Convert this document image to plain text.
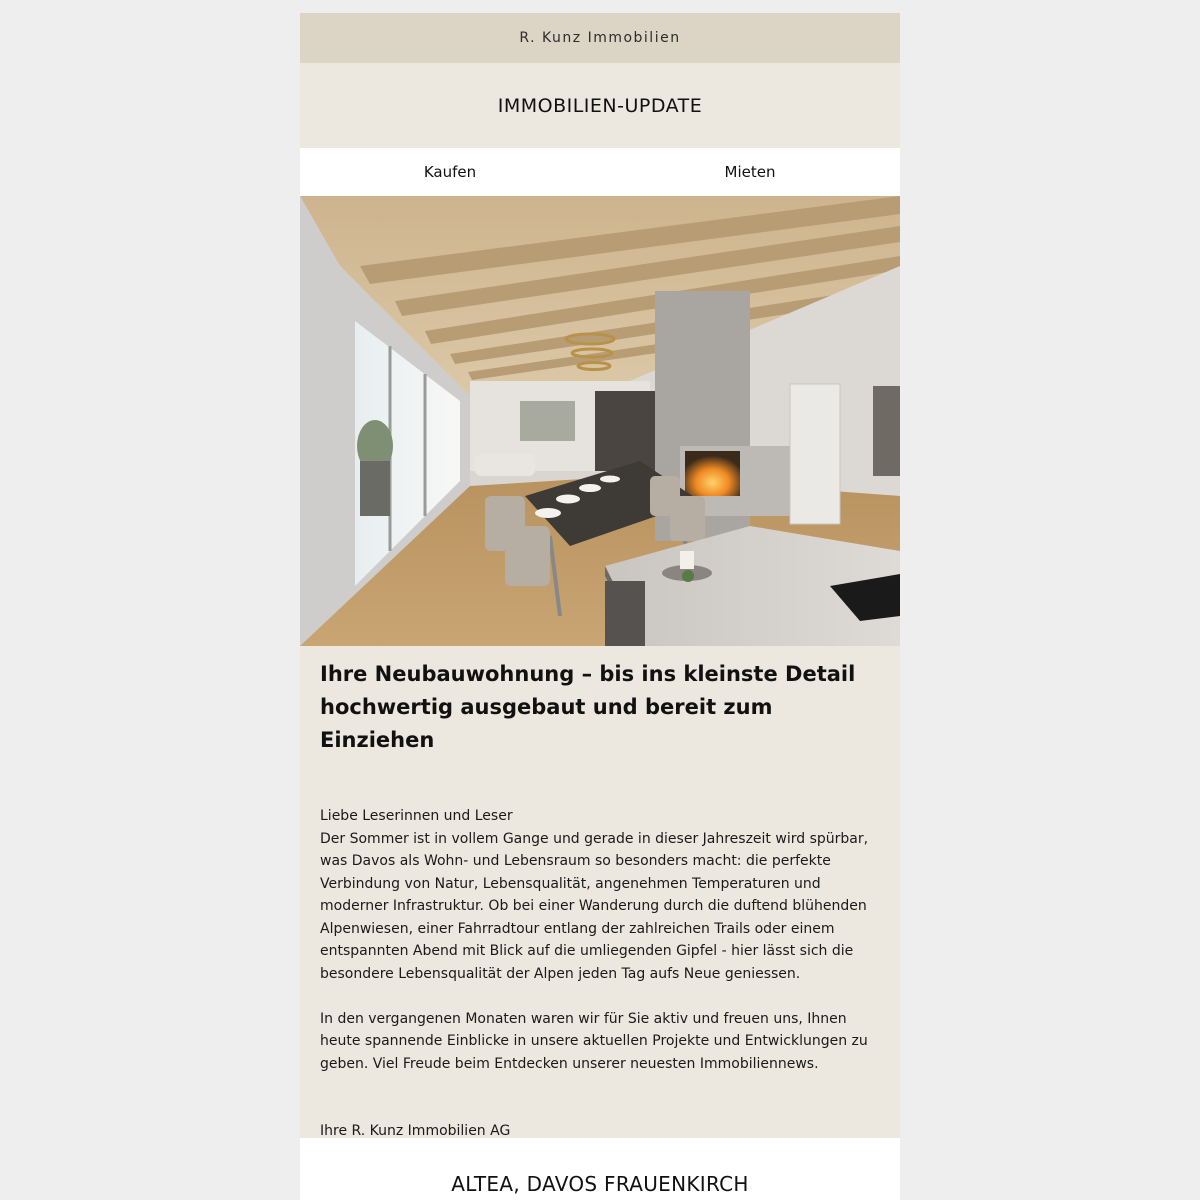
R. Kunz Immobilien
IMMOBILIEN-UPDATE
Kaufen	Mieten
Ihre Neubauwohnung – bis ins kleinste Detail hochwertig ausgebaut und bereit zum Einziehen

Liebe Leserinnen und Leser

Der Sommer ist in vollem Gange und gerade in dieser Jahreszeit wird spürbar, was Davos als Wohn- und Lebensraum so besonders macht: die perfekte Verbindung von Natur, Lebensqualität, angenehmen Temperaturen und moderner Infrastruktur. Ob bei einer Wanderung durch die duftend blühenden Alpenwiesen, einer Fahrradtour entlang der zahlreichen Trails oder einem entspannten Abend mit Blick auf die umliegenden Gipfel - hier lässt sich die besondere Lebensqualität der Alpen jeden Tag aufs Neue geniessen.

In den vergangenen Monaten waren wir für Sie aktiv und freuen uns, Ihnen heute spannende Einblicke in unsere aktuellen Projekte und Entwicklungen zu geben. Viel Freude beim Entdecken unserer neuesten Immobiliennews.

Ihre R. Kunz Immobilien AG
ALTEA, DAVOS FRAUENKIRCH
